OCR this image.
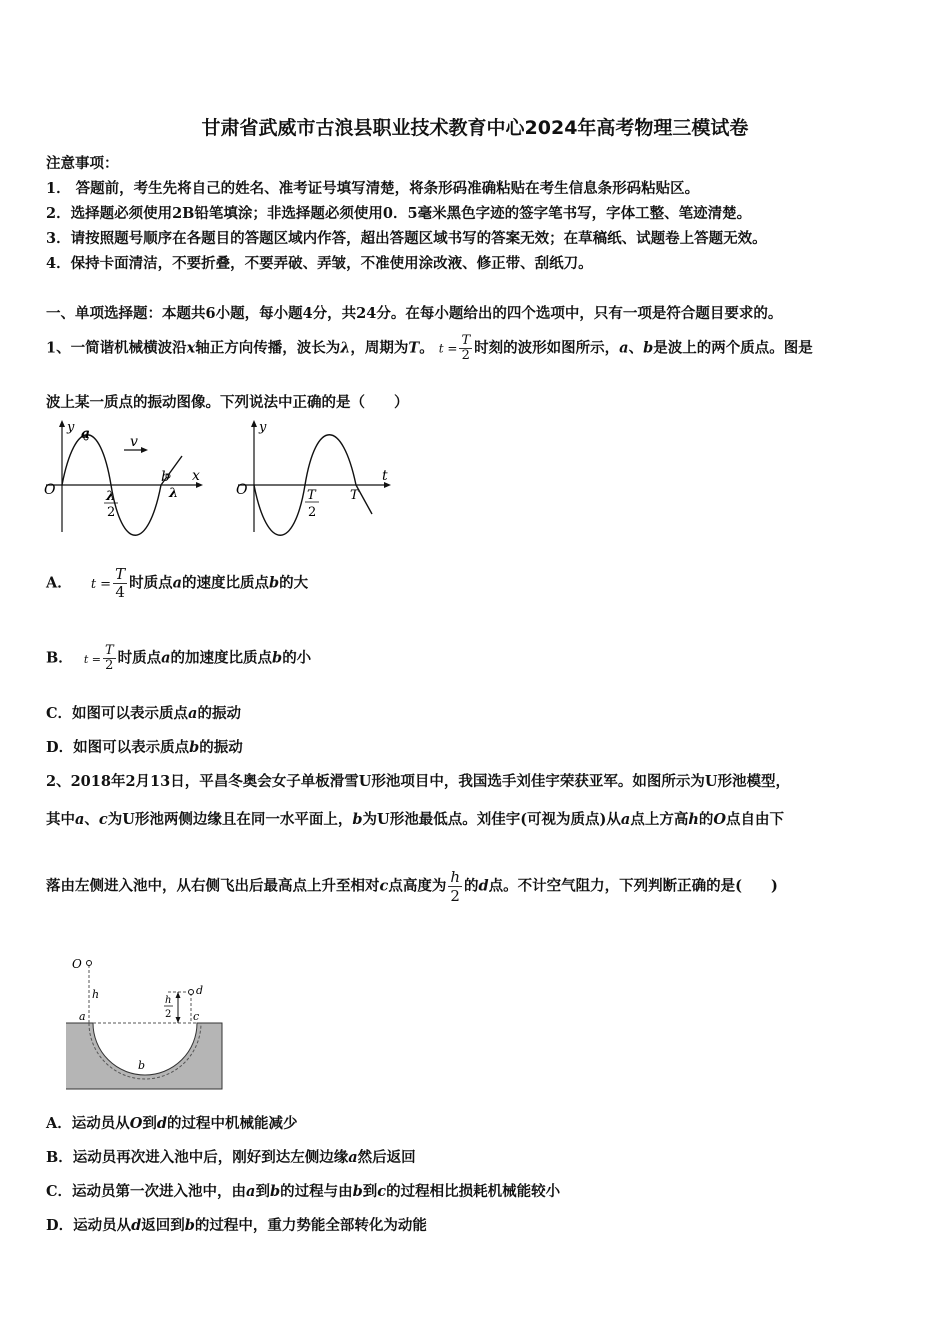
甘肃省武威市古浪县职业技术教育中心2024年高考物理三模试卷
注意事项：
1． 答题前，考生先将自己的姓名、准考证号填写清楚，将条形码准确粘贴在考生信息条形码粘贴区。
2．选择题必须使用2B铅笔填涂；非选择题必须使用0．5毫米黑色字迹的签字笔书写，字体工整、笔迹清楚。
3．请按照题号顺序在各题目的答题区域内作答，超出答题区域书写的答案无效；在草稿纸、试题卷上答题无效。
4．保持卡面清洁，不要折叠，不要弄破、弄皱，不准使用涂改液、修正带、刮纸刀。
一、单项选择题：本题共6小题，每小题4分，共24分。在每小题给出的四个选项中，只有一项是符合题目要求的。
1、一简谐机械横波沿x轴正方向传播，波长为λ，周期为T。 $t = \frac{T}{2}$ 时刻的波形如图所示，a、b是波上的两个质点。图是
波上某一质点的振动图像。下列说法中正确的是（　　）
y a	v
b x
O	λ
2
λ
y
t
O	T
2
T
A． $t = \frac{T}{4}$ 时质点a的速度比质点b的大
B． $t = \frac{T}{2}$ 时质点a的加速度比质点b的小
C．如图可以表示质点a的振动
D．如图可以表示质点b的振动
2、2018年2月13日，平昌冬奥会女子单板滑雪U形池项目中，我国选手刘佳宇荣获亚军。如图所示为U形池模型，
其中a、c为U形池两侧边缘且在同一水平面上，b为U形池最低点。刘佳宇(可视为质点)从a点上方高h的O点自由下
落由左侧进入池中，从右侧飞出后最高点上升至相对c点高度为 $\frac{h}{2}$ 的d点。不计空气阻力，下列判断正确的是(　　)
O
h
a
h
2
d
c
b
A．运动员从O到d的过程中机械能减少
B．运动员再次进入池中后，刚好到达左侧边缘a然后返回
C．运动员第一次进入池中，由a到b的过程与由b到c的过程相比损耗机械能较小
D．运动员从d返回到b的过程中，重力势能全部转化为动能
